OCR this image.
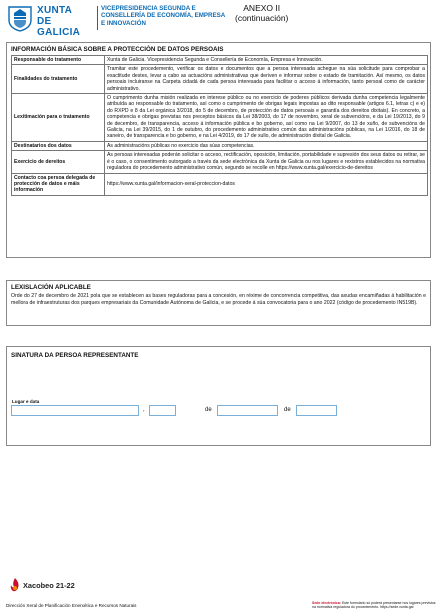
XUNTA
DE GALICIA
VICEPRESIDENCIA SEGUNDA E CONSELLERÍA DE ECONOMÍA, EMPRESA E INNOVACIÓN
ANEXO II
(continuación)
INFORMACIÓN BÁSICA SOBRE A PROTECCIÓN DE DATOS PERSOAIS
Responsable do tratamento	Xunta de Galicia. Vicepresidencia Segunda e Consellería de Economía, Empresa e Innovación.
Finalidades do tratamento	Tramitar este procedemento, verificar os datos e documentos que a persoa interesada achegue na súa solicitude para comprobar a exactitude destes, levar a cabo as actuacións administrativas que deriven e informar sobre o estado de tramitación. Así mesmo, os datos persoais incluiranse na Carpeta cidadá de cada persoa interesada para facilitar o acceso á información, tanto persoal como de carácter administrativo.
Lexitimación para o tratamento	O cumprimento dunha misión realizada en interese público ou no exercicio de poderes públicos derivada dunha competencia legalmente atribuída ao responsable do tratamento, así como o cumprimento de obrigas legais impostas ao dito responsable (artigos 6.1, letras c) e e) do RXPD e 8 da Lei orgánica 3/2018, do 5 de decembro, de protección de datos persoais e garantía dos dereitos dixitais). En concreto, a competencia e obrigas previstas nos preceptos básicos da Lei 38/2003, do 17 de novembro, xeral de subvencións, e da Lei 19/2013, do 9 de decembro, de transparencia, acceso á información pública e bo goberno, así como na Lei 9/2007, do 13 de xuño, de subvencións de Galicia, na Lei 39/2015, do 1 de outubro, do procedemento administrativo común das administracións públicas, na Lei 1/2016, do 18 de xaneiro, de transparencia e bo goberno, e na Lei 4/2019, do 17 de xullo, de administración dixital de Galicia.
Destinatarios dos datos	As administracións públicas no exercicio das súas competencias.
Exercicio de dereitos	As persoas interesadas poderán solicitar o acceso, rectificación, oposición, limitación, portabilidade e supresión dos seus datos ou retirar, se é o caso, o consentimento outorgado a través da sede electrónica da Xunta de Galicia ou nos lugares e rexistros establecidos na normativa reguladora do procedemento administrativo común, segundo se recolle en https://www.xunta.gal/exercicio-de-dereitos
Contacto coa persoa delegada de protección de datos e máis información	https://www.xunta.gal/informacion-xeral-proteccion-datos
LEXISLACIÓN APLICABLE
Orde do 27 de decembro de 2021 pola que se establecen as bases reguladoras para a concesión, en réxime de concorrencia competitiva, das axudas encamiñadas á habilitación e mellora de infraestruturas dos parques empresariais da Comunidade Autónoma de Galicia, e se procede á súa convocatoria para o ano 2022 (código de procedemento IN519B).
SINATURA DA PERSOA REPRESENTANTE
Lugar e data
,	de	de
Xacobeo 21-22
Dirección Xeral de Planificación Enerxética e Recursos Naturais	Sede electrónica: Este formulario só poderá presentarse nos lugares previstos na normativa reguladora do procedemento. https://sede.xunta.gal
